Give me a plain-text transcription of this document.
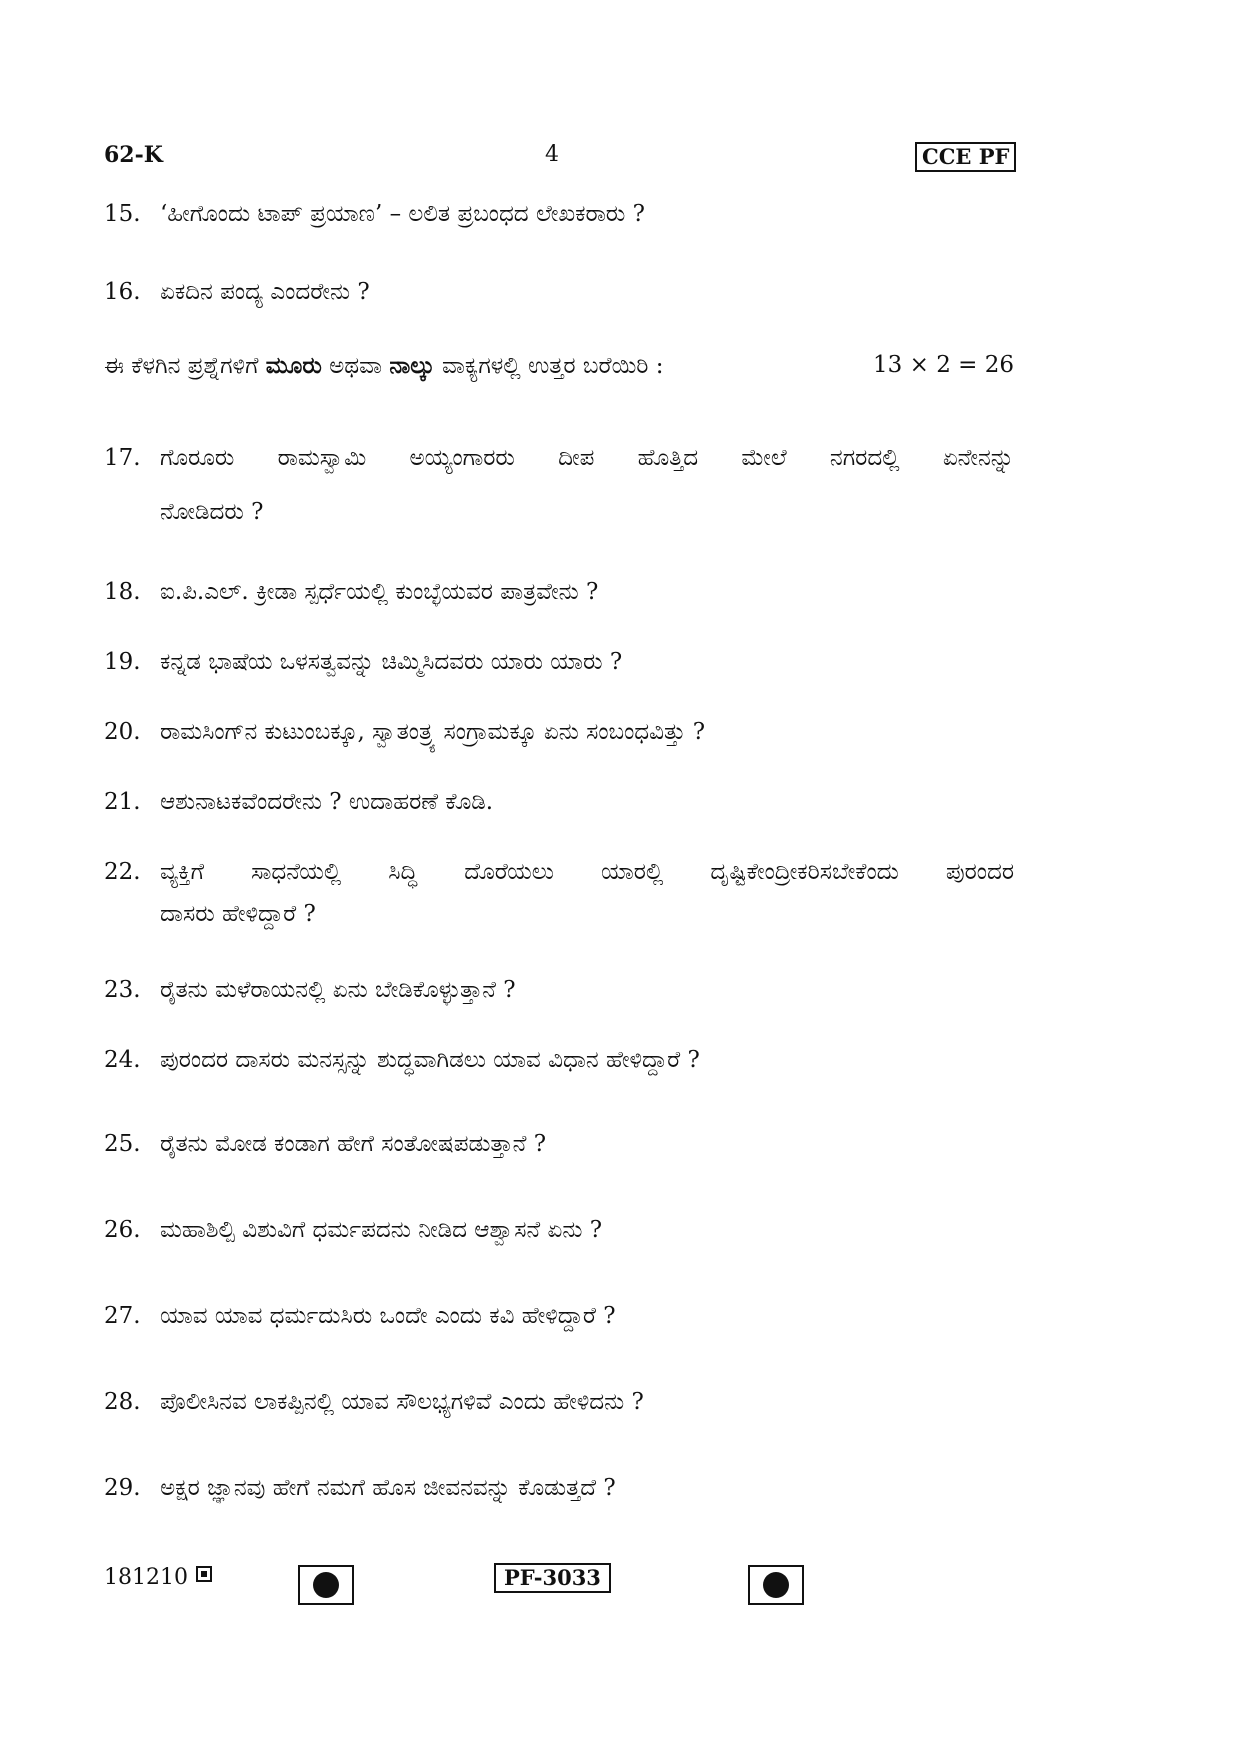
62-K	4	CCE PF
15. ‘ಹೀಗೊಂದು ಟಾಪ್ ಪ್ರಯಾಣ’ – ಲಲಿತ ಪ್ರಬಂಧದ ಲೇಖಕರಾರು ?
16. ಏಕದಿನ ಪಂದ್ಯ ಎಂದರೇನು ?
ಈ ಕೆಳಗಿನ ಪ್ರಶ್ನೆಗಳಿಗೆ ಮೂರು ಅಥವಾ ನಾಲ್ಕು ವಾಕ್ಯಗಳಲ್ಲಿ ಉತ್ತರ ಬರೆಯಿರಿ :	13 × 2 = 26
17. ಗೊರೂರು ರಾಮಸ್ವಾಮಿ ಅಯ್ಯಂಗಾರರು ದೀಪ ಹೊತ್ತಿದ ಮೇಲೆ ನಗರದಲ್ಲಿ ಏನೇನನ್ನು
ನೋಡಿದರು ?
18. ಐ.ಪಿ.ಎಲ್. ಕ್ರೀಡಾ ಸ್ಪರ್ಧೆಯಲ್ಲಿ ಕುಂಬ್ಳೆಯವರ ಪಾತ್ರವೇನು ?
19. ಕನ್ನಡ ಭಾಷೆಯ ಒಳಸತ್ವವನ್ನು ಚಿಮ್ಮಿಸಿದವರು ಯಾರು ಯಾರು ?
20. ರಾಮಸಿಂಗ್‌ನ ಕುಟುಂಬಕ್ಕೂ, ಸ್ವಾತಂತ್ರ್ಯ ಸಂಗ್ರಾಮಕ್ಕೂ ಏನು ಸಂಬಂಧವಿತ್ತು ?
21. ಆಶುನಾಟಕವೆಂದರೇನು ? ಉದಾಹರಣೆ ಕೊಡಿ.
22. ವ್ಯಕ್ತಿಗೆ ಸಾಧನೆಯಲ್ಲಿ ಸಿದ್ಧಿ ದೊರೆಯಲು ಯಾರಲ್ಲಿ ದೃಷ್ಟಿಕೇಂದ್ರೀಕರಿಸಬೇಕೆಂದು ಪುರಂದರ
ದಾಸರು ಹೇಳಿದ್ದಾರೆ ?
23. ರೈತನು ಮಳೆರಾಯನಲ್ಲಿ ಏನು ಬೇಡಿಕೊಳ್ಳುತ್ತಾನೆ ?
24. ಪುರಂದರ ದಾಸರು ಮನಸ್ಸನ್ನು ಶುದ್ಧವಾಗಿಡಲು ಯಾವ ವಿಧಾನ ಹೇಳಿದ್ದಾರೆ ?
25. ರೈತನು ಮೋಡ ಕಂಡಾಗ ಹೇಗೆ ಸಂತೋಷಪಡುತ್ತಾನೆ ?
26. ಮಹಾಶಿಲ್ಪಿ ವಿಶುವಿಗೆ ಧರ್ಮಪದನು ನೀಡಿದ ಆಶ್ವಾಸನೆ ಏನು ?
27. ಯಾವ ಯಾವ ಧರ್ಮದುಸಿರು ಒಂದೇ ಎಂದು ಕವಿ ಹೇಳಿದ್ದಾರೆ ?
28. ಪೊಲೀಸಿನವ ಲಾಕಪ್ಪಿನಲ್ಲಿ ಯಾವ ಸೌಲಭ್ಯಗಳಿವೆ ಎಂದು ಹೇಳಿದನು ?
29. ಅಕ್ಷರ ಜ್ಞಾನವು ಹೇಗೆ ನಮಗೆ ಹೊಸ ಜೀವನವನ್ನು ಕೊಡುತ್ತದೆ ?
181210	PF-3033
